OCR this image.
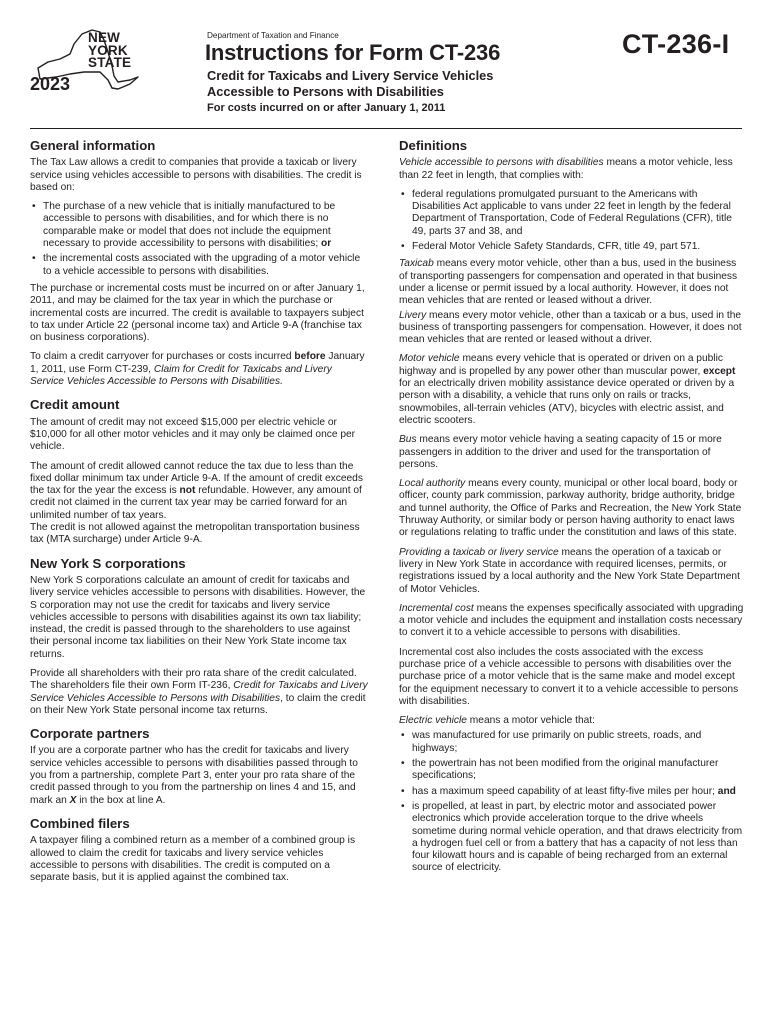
NEW
YORK
STATE
2023
Department of Taxation and Finance
Instructions for Form CT-236
Credit for Taxicabs and Livery Service Vehicles
Accessible to Persons with Disabilities
For costs incurred on or after January 1, 2011
CT-236-I
General information

The Tax Law allows a credit to companies that provide a taxicab or livery service using vehicles accessible to persons with disabilities. The credit is based on:

• The purchase of a new vehicle that is initially manufactured to be accessible to persons with disabilities, and for which there is no comparable make or model that does not include the equipment necessary to provide accessibility to persons with disabilities; or
• the incremental costs associated with the upgrading of a motor vehicle to a vehicle accessible to persons with disabilities.

The purchase or incremental costs must be incurred on or after January 1, 2011, and may be claimed for the tax year in which the purchase or incremental costs are incurred. The credit is available to taxpayers subject to tax under Article 22 (personal income tax) and Article 9-A (franchise tax on business corporations).

To claim a credit carryover for purchases or costs incurred before January 1, 2011, use Form CT-239, Claim for Credit for Taxicabs and Livery Service Vehicles Accessible to Persons with Disabilities.

Credit amount

The amount of credit may not exceed $15,000 per electric vehicle or $10,000 for all other motor vehicles and it may only be claimed once per vehicle.

The amount of credit allowed cannot reduce the tax due to less than the fixed dollar minimum tax under Article 9-A. If the amount of credit exceeds the tax for the year the excess is not refundable. However, any amount of credit not claimed in the current tax year may be carried forward for an unlimited number of tax years.

The credit is not allowed against the metropolitan transportation business tax (MTA surcharge) under Article 9-A.

New York S corporations

New York S corporations calculate an amount of credit for taxicabs and livery service vehicles accessible to persons with disabilities. However, the S corporation may not use the credit for taxicabs and livery service vehicles accessible to persons with disabilities against its own tax liability; instead, the credit is passed through to the shareholders to use against their personal income tax liabilities on their New York State income tax returns.

Provide all shareholders with their pro rata share of the credit calculated. The shareholders file their own Form IT-236, Credit for Taxicabs and Livery Service Vehicles Accessible to Persons with Disabilities, to claim the credit on their New York State personal income tax returns.

Corporate partners

If you are a corporate partner who has the credit for taxicabs and livery service vehicles accessible to persons with disabilities passed through to you from a partnership, complete Part 3, enter your pro rata share of the credit passed through to you from the partnership on lines 4 and 15, and mark an X in the box at line A.

Combined filers

A taxpayer filing a combined return as a member of a combined group is allowed to claim the credit for taxicabs and livery service vehicles accessible to persons with disabilities. The credit is computed on a separate basis, but it is applied against the combined tax.

Definitions

Vehicle accessible to persons with disabilities means a motor vehicle, less than 22 feet in length, that complies with:

• federal regulations promulgated pursuant to the Americans with Disabilities Act applicable to vans under 22 feet in length by the federal Department of Transportation, Code of Federal Regulations (CFR), title 49, parts 37 and 38, and
• Federal Motor Vehicle Safety Standards, CFR, title 49, part 571.

Taxicab means every motor vehicle, other than a bus, used in the business of transporting passengers for compensation and operated in that business under a license or permit issued by a local authority. However, it does not mean vehicles that are rented or leased without a driver.

Livery means every motor vehicle, other than a taxicab or a bus, used in the business of transporting passengers for compensation. However, it does not mean vehicles that are rented or leased without a driver.

Motor vehicle means every vehicle that is operated or driven on a public highway and is propelled by any power other than muscular power, except for an electrically driven mobility assistance device operated or driven by a person with a disability, a vehicle that runs only on rails or tracks, snowmobiles, all-terrain vehicles (ATV), bicycles with electric assist, and electric scooters.

Bus means every motor vehicle having a seating capacity of 15 or more passengers in addition to the driver and used for the transportation of persons.

Local authority means every county, municipal or other local board, body or officer, county park commission, parkway authority, bridge authority, bridge and tunnel authority, the Office of Parks and Recreation, the New York State Thruway Authority, or similar body or person having authority to enact laws or regulations relating to traffic under the constitution and laws of this state.

Providing a taxicab or livery service means the operation of a taxicab or livery in New York State in accordance with required licenses, permits, or registrations issued by a local authority and the New York State Department of Motor Vehicles.

Incremental cost means the expenses specifically associated with upgrading a motor vehicle and includes the equipment and installation costs necessary to convert it to a vehicle accessible to persons with disabilities.

Incremental cost also includes the costs associated with the excess purchase price of a vehicle accessible to persons with disabilities over the purchase price of a motor vehicle that is the same make and model except for the equipment necessary to convert it to a vehicle accessible to persons with disabilities.

Electric vehicle means a motor vehicle that:

• was manufactured for use primarily on public streets, roads, and highways;
• the powertrain has not been modified from the original manufacturer specifications;
• has a maximum speed capability of at least fifty-five miles per hour; and
• is propelled, at least in part, by electric motor and associated power electronics which provide acceleration torque to the drive wheels sometime during normal vehicle operation, and that draws electricity from a hydrogen fuel cell or from a battery that has a capacity of not less than four kilowatt hours and is capable of being recharged from an external source of electricity.
